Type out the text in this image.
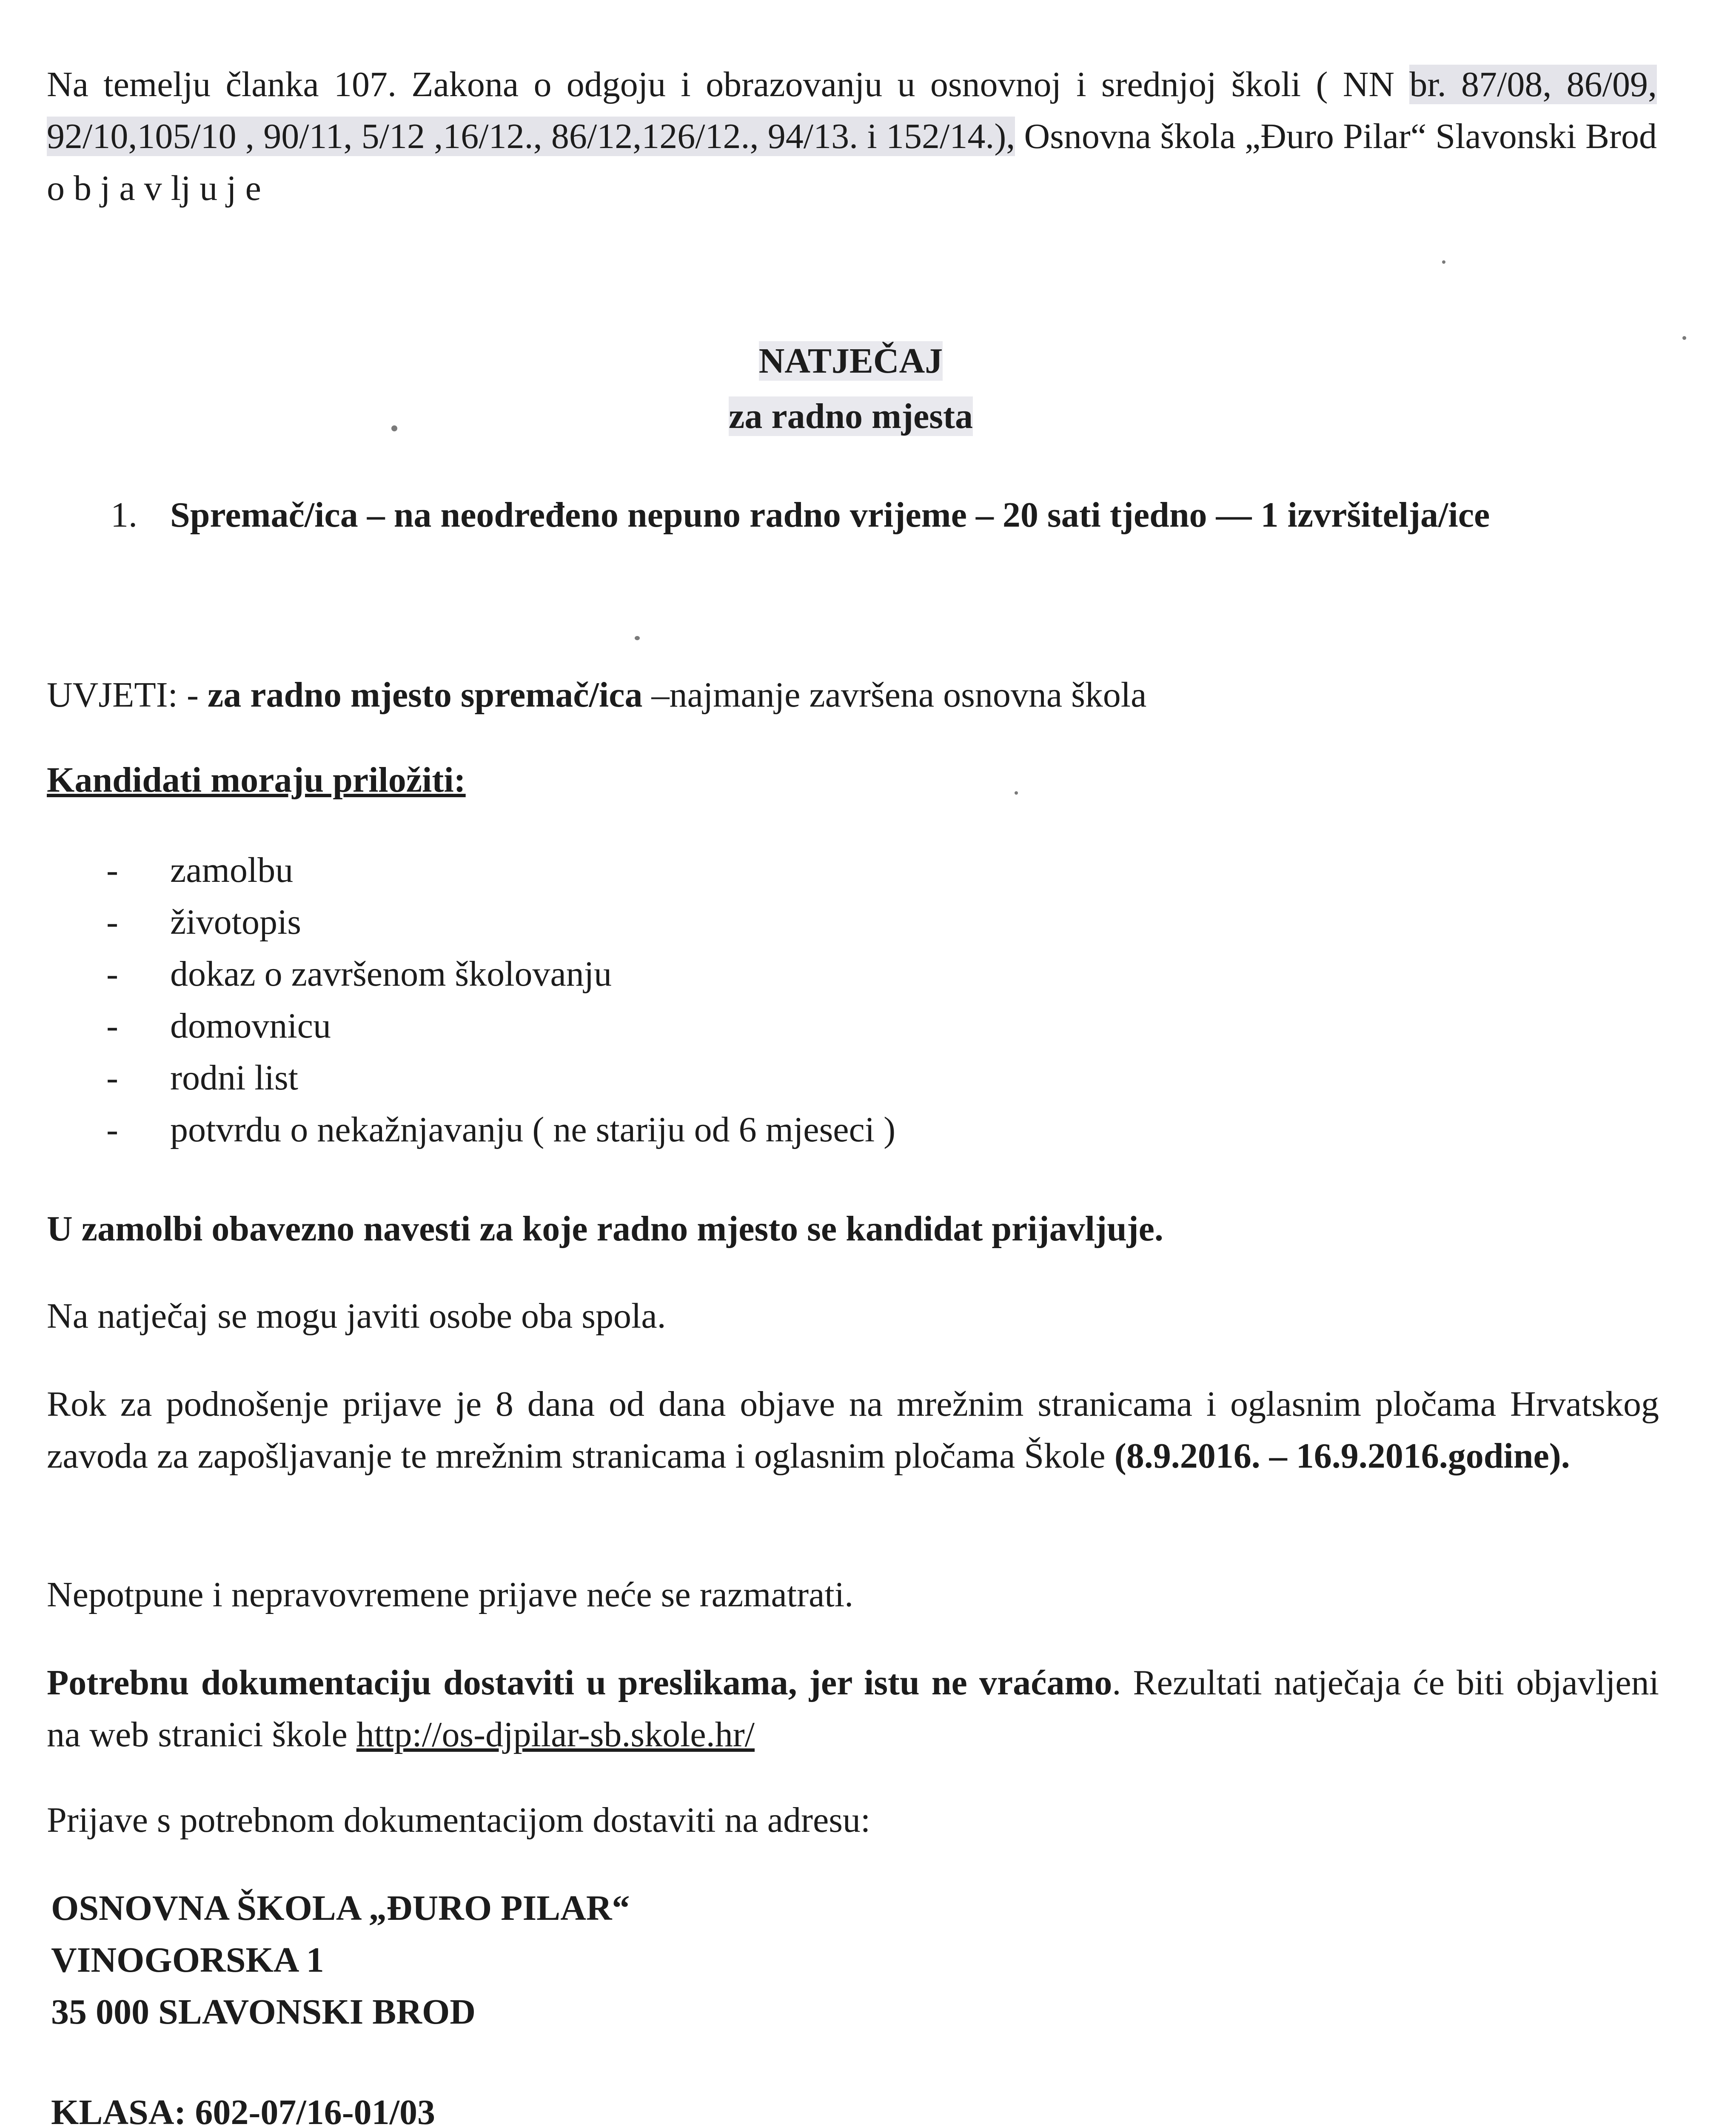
Na temelju članka 107. Zakona o odgoju i obrazovanju u osnovnoj i srednjoj školi ( NN br. 87/08, 86/09, 92/10,105/10 , 90/11, 5/12 ,16/12., 86/12,126/12., 94/13. i 152/14.), Osnovna škola „Đuro Pilar“ Slavonski Brod o b j a v lj u j e

NATJEČAJ
za radno mjesta
1. Spremač/ica – na neodređeno nepuno radno vrijeme – 20 sati tjedno — 1 izvršitelja/ice
UVJETI: - za radno mjesto spremač/ica –najmanje završena osnovna škola
Kandidati moraju priložiti:
-	zamolbu
-	životopis
-	dokaz o završenom školovanju
-	domovnicu
-	rodni list
-	potvrdu o nekažnjavanju ( ne stariju od 6 mjeseci )
U zamolbi obavezno navesti za koje radno mjesto se kandidat prijavljuje.
Na natječaj se mogu javiti osobe oba spola.

Rok za podnošenje prijave je 8 dana od dana objave na mrežnim stranicama i oglasnim pločama Hrvatskog zavoda za zapošljavanje te mrežnim stranicama i oglasnim pločama Škole (8.9.2016. – 16.9.2016.godine).

Nepotpune i nepravovremene prijave neće se razmatrati.

Potrebnu dokumentaciju dostaviti u preslikama, jer istu ne vraćamo. Rezultati natječaja će biti objavljeni na web stranici škole http://os-djpilar-sb.skole.hr/

Prijave s potrebnom dokumentacijom dostaviti na adresu:
OSNOVNA ŠKOLA „ĐURO PILAR“
VINOGORSKA 1
35 000 SLAVONSKI BROD
KLASA: 602-07/16-01/03
